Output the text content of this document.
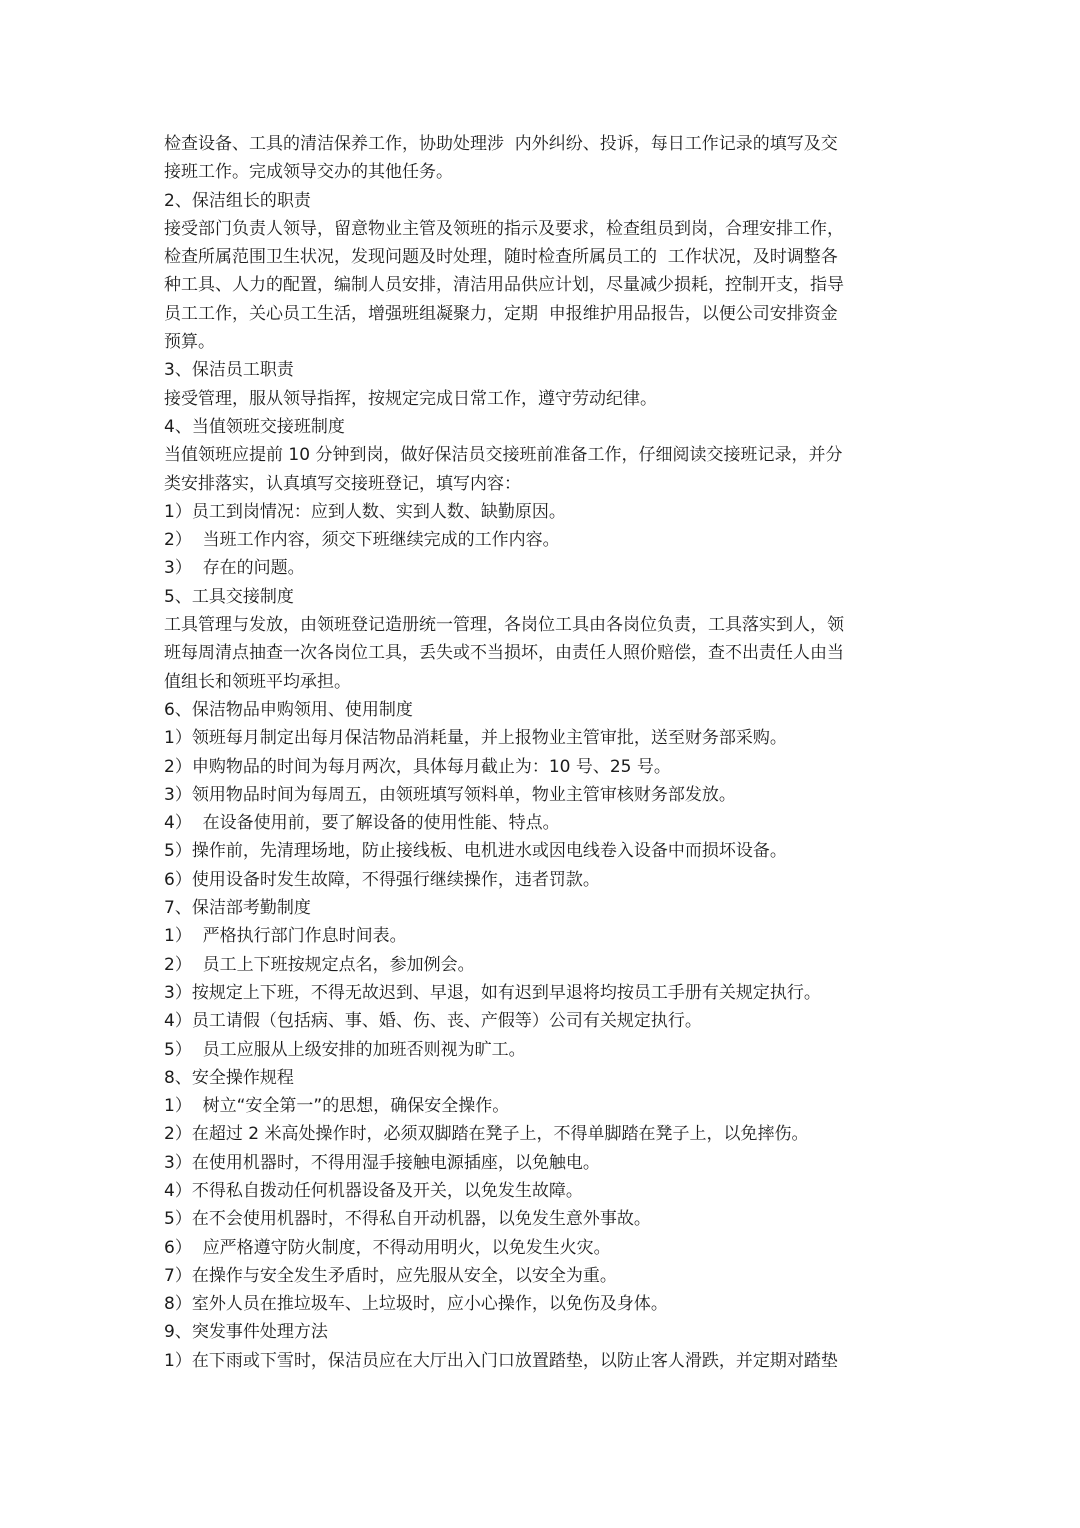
检查设备、工具的清洁保养工作，协助处理涉  内外纠纷、投诉，每日工作记录的填写及交
接班工作。完成领导交办的其他任务。
2、保洁组长的职责
接受部门负责人领导，留意物业主管及领班的指示及要求，检查组员到岗，合理安排工作，
检查所属范围卫生状况，发现问题及时处理，随时检查所属员工的  工作状况，及时调整各
种工具、人力的配置，编制人员安排，清洁用品供应计划，尽量减少损耗，控制开支，指导
员工工作，关心员工生活，增强班组凝聚力，定期  申报维护用品报告，以便公司安排资金
预算。
3、保洁员工职责
接受管理，服从领导指挥，按规定完成日常工作，遵守劳动纪律。
4、当值领班交接班制度
当值领班应提前 10 分钟到岗，做好保洁员交接班前准备工作，仔细阅读交接班记录，并分
类安排落实，认真填写交接班登记，填写内容：
1）员工到岗情况：应到人数、实到人数、缺勤原因。
2）  当班工作内容，须交下班继续完成的工作内容。
3）  存在的问题。
5、工具交接制度
工具管理与发放，由领班登记造册统一管理，各岗位工具由各岗位负责，工具落实到人，领
班每周清点抽查一次各岗位工具，丢失或不当损坏，由责任人照价赔偿，查不出责任人由当
值组长和领班平均承担。
6、保洁物品申购领用、使用制度
1）领班每月制定出每月保洁物品消耗量，并上报物业主管审批，送至财务部采购。
2）申购物品的时间为每月两次，具体每月截止为：10 号、25 号。
3）领用物品时间为每周五，由领班填写领料单，物业主管审核财务部发放。
4）  在设备使用前，要了解设备的使用性能、特点。
5）操作前，先清理场地，防止接线板、电机进水或因电线卷入设备中而损坏设备。
6）使用设备时发生故障，不得强行继续操作，违者罚款。
7、保洁部考勤制度
1）  严格执行部门作息时间表。
2）  员工上下班按规定点名，参加例会。
3）按规定上下班，不得无故迟到、早退，如有迟到早退将均按员工手册有关规定执行。
4）员工请假（包括病、事、婚、伤、丧、产假等）公司有关规定执行。
5）  员工应服从上级安排的加班否则视为旷工。
8、安全操作规程
1）  树立“安全第一”的思想，确保安全操作。
2）在超过 2 米高处操作时，必须双脚踏在凳子上，不得单脚踏在凳子上，以免摔伤。
3）在使用机器时，不得用湿手接触电源插座，以免触电。
4）不得私自拨动任何机器设备及开关，以免发生故障。
5）在不会使用机器时，不得私自开动机器，以免发生意外事故。
6）  应严格遵守防火制度，不得动用明火，以免发生火灾。
7）在操作与安全发生矛盾时，应先服从安全，以安全为重。
8）室外人员在推垃圾车、上垃圾时，应小心操作，以免伤及身体。
9、突发事件处理方法
1）在下雨或下雪时，保洁员应在大厅出入门口放置踏垫，以防止客人滑跌，并定期对踏垫
